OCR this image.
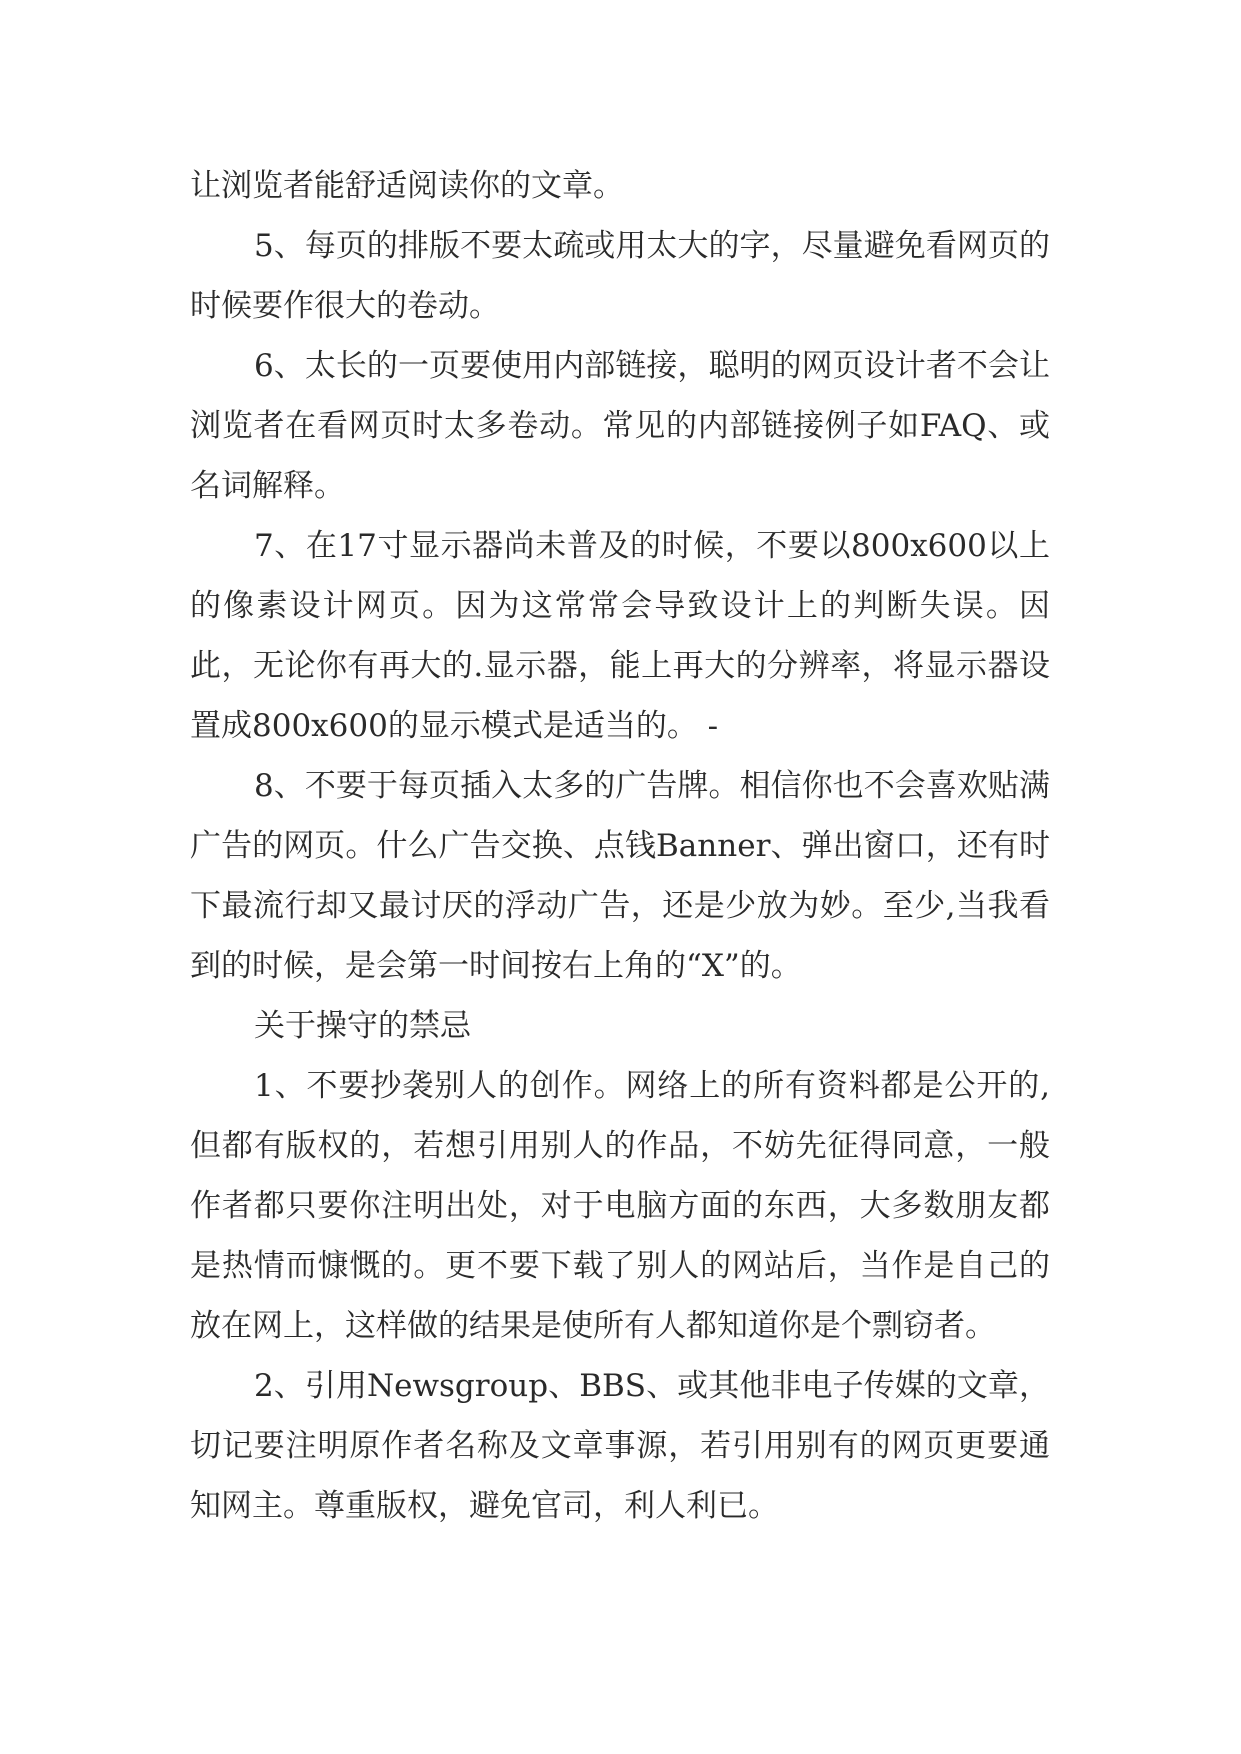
让浏览者能舒适阅读你的文章。

5、每页的排版不要太疏或用太大的字，尽量避免看网页的时候要作很大的卷动。

6、太长的一页要使用内部链接，聪明的网页设计者不会让浏览者在看网页时太多卷动。常见的内部链接例子如FAQ、或名词解释。

7、在17寸显示器尚未普及的时候，不要以800x600以上的像素设计网页。因为这常常会导致设计上的判断失误。因此，无论你有再大的.显示器，能上再大的分辨率，将显示器设置成800x600的显示模式是适当的。 -

8、不要于每页插入太多的广告牌。相信你也不会喜欢贴满广告的网页。什么广告交换、点钱Banner、弹出窗口，还有时下最流行却又最讨厌的浮动广告，还是少放为妙。至少,当我看到的时候，是会第一时间按右上角的“X”的。

关于操守的禁忌

1、不要抄袭别人的创作。网络上的所有资料都是公开的,但都有版权的，若想引用别人的作品，不妨先征得同意，一般作者都只要你注明出处，对于电脑方面的东西，大多数朋友都是热情而慷慨的。更不要下载了别人的网站后，当作是自己的放在网上，这样做的结果是使所有人都知道你是个剽窃者。

2、引用Newsgroup、BBS、或其他非电子传媒的文章，切记要注明原作者名称及文章事源，若引用别有的网页更要通知网主。尊重版权，避免官司，利人利已。
